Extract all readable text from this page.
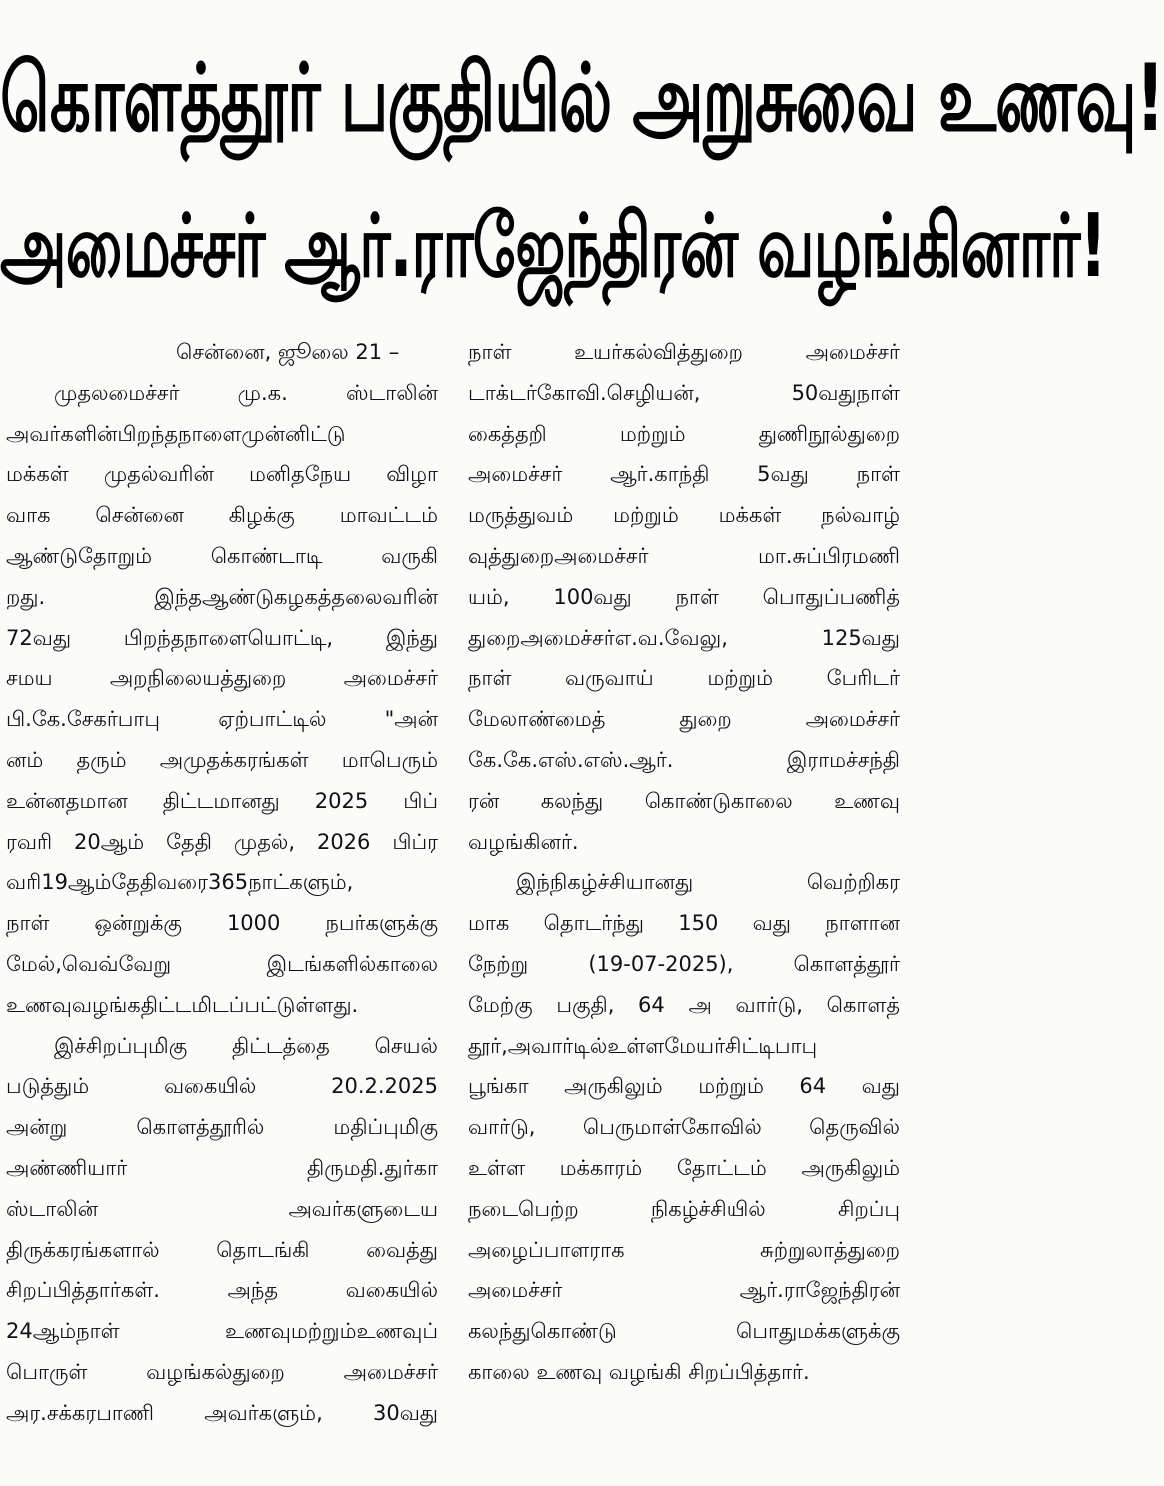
கொளத்தூர் பகுதியில் அறுசுவை உணவு!
அமைச்சர் ஆர்.ராஜேந்திரன் வழங்கினார்!
சென்னை, ஜூலை 21 –
முதலமைச்சர் மு.க. ஸ்டாலின்
அவர்களின்பிறந்தநாளைமுன்னிட்டு
மக்கள் முதல்வரின் மனிதநேய விழா
வாக சென்னை கிழக்கு மாவட்டம்
ஆண்டுதோறும் கொண்டாடி வருகி
றது. இந்தஆண்டுகழகத்தலைவரின்
72வது பிறந்தநாளையொட்டி, இந்து
சமய அறநிலையத்துறை அமைச்சர்
பி.கே.சேகர்பாபு ஏற்பாட்டில் "அன்
னம் தரும் அமுதக்கரங்கள் மாபெரும்
உன்னதமான திட்டமானது 2025 பிப்
ரவரி 20ஆம் தேதி முதல், 2026 பிப்ர
வரி19ஆம்தேதிவரை365நாட்களும்,
நாள் ஒன்றுக்கு 1000 நபர்களுக்கு
மேல்,வெவ்வேறு இடங்களில்காலை
உணவுவழங்கதிட்டமிடப்பட்டுள்ளது.
இச்சிறப்புமிகு திட்டத்தை செயல்
படுத்தும் வகையில் 20.2.2025
அன்று கொளத்தூரில் மதிப்புமிகு
அண்ணியார் திருமதி.துர்கா
ஸ்டாலின் அவர்களுடைய
திருக்கரங்களால் தொடங்கி வைத்து
சிறப்பித்தார்கள். அந்த வகையில்
24ஆம்நாள் உணவுமற்றும்உணவுப்
பொருள் வழங்கல்துறை அமைச்சர்
அர.சக்கரபாணி அவர்களும், 30வது
நாள் உயர்கல்வித்துறை அமைச்சர்
டாக்டர்கோவி.செழியன், 50வதுநாள்
கைத்தறி மற்றும் துணிநூல்துறை
அமைச்சர் ஆர்.காந்தி 5வது நாள்
மருத்துவம் மற்றும் மக்கள் நல்வாழ்
வுத்துறைஅமைச்சர் மா.சுப்பிரமணி
யம், 100வது நாள் பொதுப்பணித்
துறைஅமைச்சர்எ.வ.வேலு, 125வது
நாள் வருவாய் மற்றும் பேரிடர்
மேலாண்மைத் துறை அமைச்சர்
கே.கே.எஸ்.எஸ்.ஆர். இராமச்சந்தி
ரன் கலந்து கொண்டுகாலை உணவு
வழங்கினர்.
இந்நிகழ்ச்சியானது வெற்றிகர
மாக தொடர்ந்து 150 வது நாளான
நேற்று (19-07-2025), கொளத்தூர்
மேற்கு பகுதி, 64 அ வார்டு, கொளத்
தூர்,அவார்டில்உள்ளமேயர்சிட்டிபாபு
பூங்கா அருகிலும் மற்றும் 64 வது
வார்டு, பெருமாள்கோவில் தெருவில்
உள்ள மக்காரம் தோட்டம் அருகிலும்
நடைபெற்ற நிகழ்ச்சியில் சிறப்பு
அழைப்பாளராக சுற்றுலாத்துறை
அமைச்சர் ஆர்.ராஜேந்திரன்
கலந்துகொண்டு பொதுமக்களுக்கு
காலை உணவு வழங்கி சிறப்பித்தார்.
